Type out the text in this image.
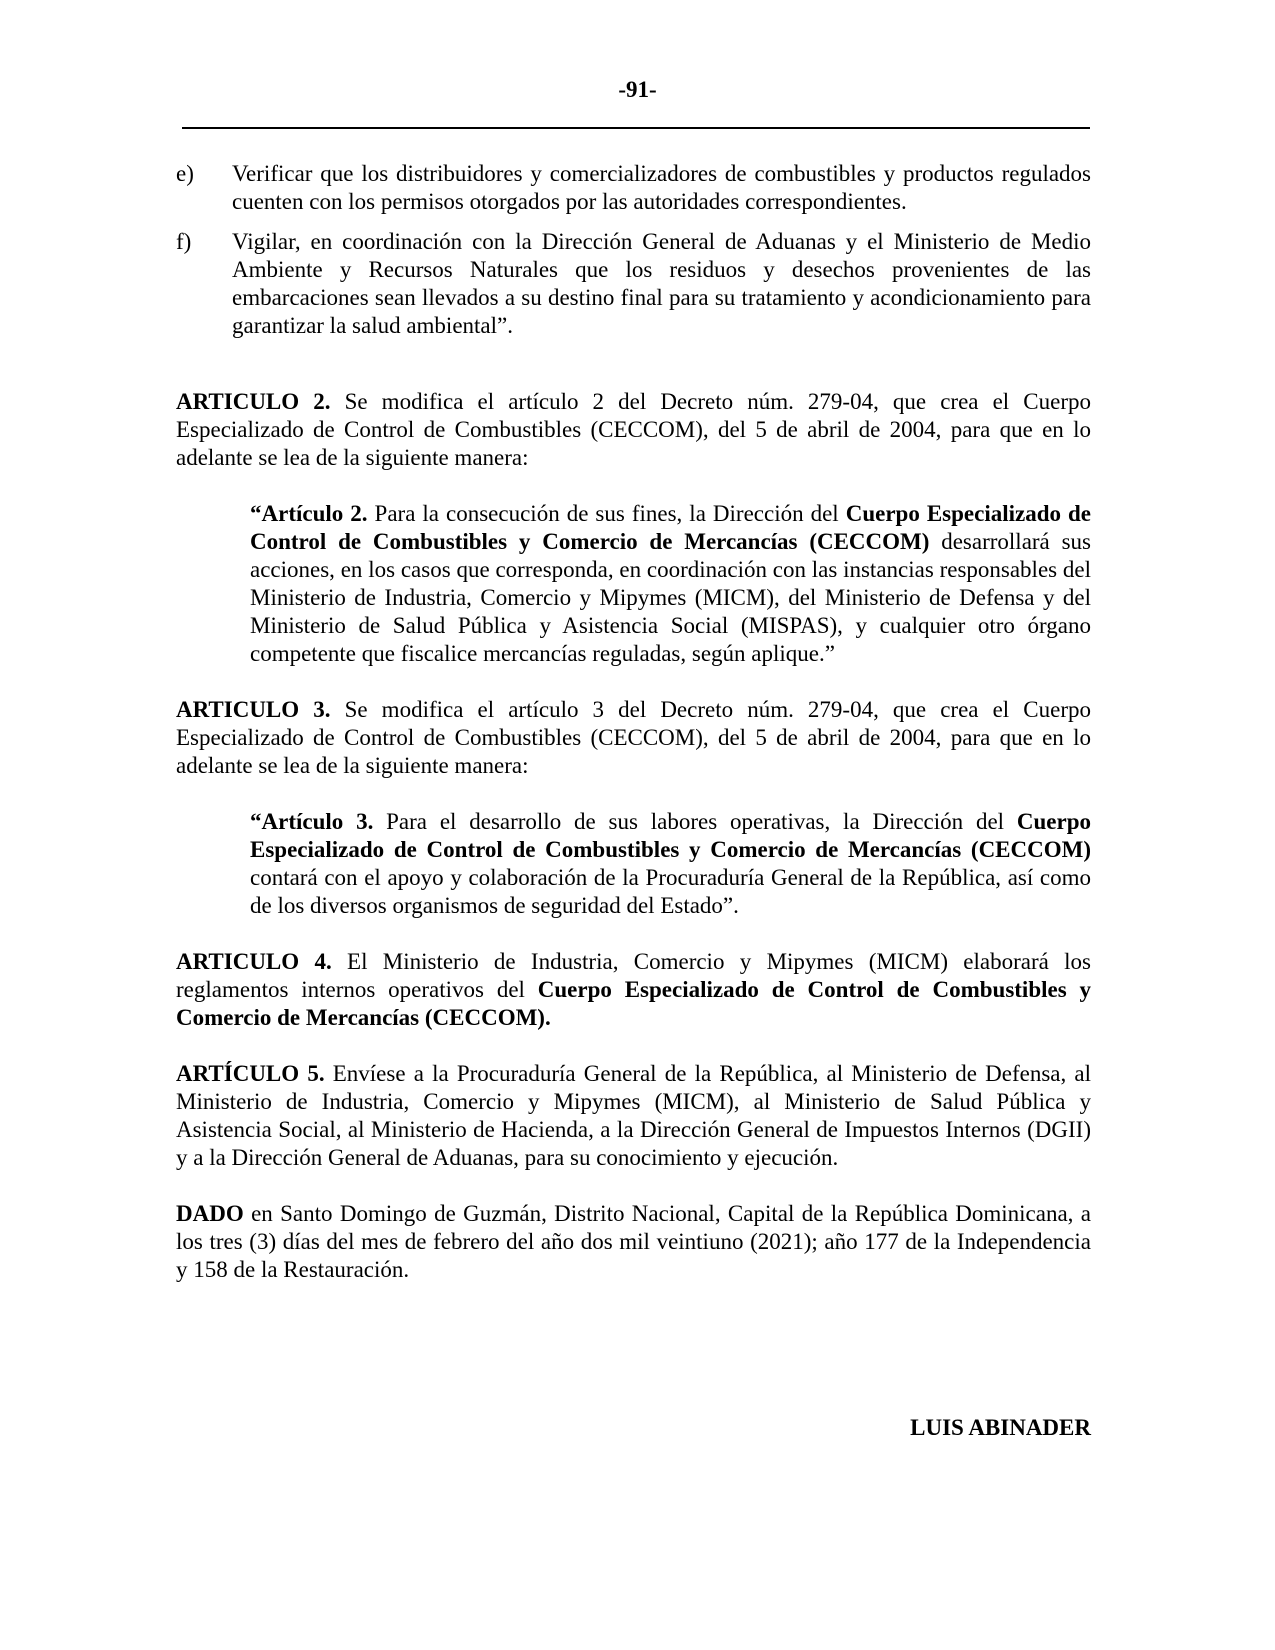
-91-
e)	Verificar que los distribuidores y comercializadores de combustibles y productos regulados cuenten con los permisos otorgados por las autoridades correspondientes.
f)	Vigilar, en coordinación con la Dirección General de Aduanas y el Ministerio de Medio Ambiente y Recursos Naturales que los residuos y desechos provenientes de las embarcaciones sean llevados a su destino final para su tratamiento y acondicionamiento para garantizar la salud ambiental”.

ARTICULO 2. Se modifica el artículo 2 del Decreto núm. 279-04, que crea el Cuerpo Especializado de Control de Combustibles (CECCOM), del 5 de abril de 2004, para que en lo adelante se lea de la siguiente manera:

“Artículo 2. Para la consecución de sus fines, la Dirección del Cuerpo Especializado de Control de Combustibles y Comercio de Mercancías (CECCOM) desarrollará sus acciones, en los casos que corresponda, en coordinación con las instancias responsables del Ministerio de Industria, Comercio y Mipymes (MICM), del Ministerio de Defensa y del Ministerio de Salud Pública y Asistencia Social (MISPAS), y cualquier otro órgano competente que fiscalice mercancías reguladas, según aplique.”

ARTICULO 3. Se modifica el artículo 3 del Decreto núm. 279-04, que crea el Cuerpo Especializado de Control de Combustibles (CECCOM), del 5 de abril de 2004, para que en lo adelante se lea de la siguiente manera:

“Artículo 3. Para el desarrollo de sus labores operativas, la Dirección del Cuerpo Especializado de Control de Combustibles y Comercio de Mercancías (CECCOM) contará con el apoyo y colaboración de la Procuraduría General de la República, así como de los diversos organismos de seguridad del Estado”.

ARTICULO 4. El Ministerio de Industria, Comercio y Mipymes (MICM) elaborará los reglamentos internos operativos del Cuerpo Especializado de Control de Combustibles y Comercio de Mercancías (CECCOM).

ARTÍCULO 5. Envíese a la Procuraduría General de la República, al Ministerio de Defensa, al Ministerio de Industria, Comercio y Mipymes (MICM), al Ministerio de Salud Pública y Asistencia Social, al Ministerio de Hacienda, a la Dirección General de Impuestos Internos (DGII) y a la Dirección General de Aduanas, para su conocimiento y ejecución.

DADO en Santo Domingo de Guzmán, Distrito Nacional, Capital de la República Dominicana, a los tres (3) días del mes de febrero del año dos mil veintiuno (2021); año 177 de la Independencia y 158 de la Restauración.

LUIS ABINADER
